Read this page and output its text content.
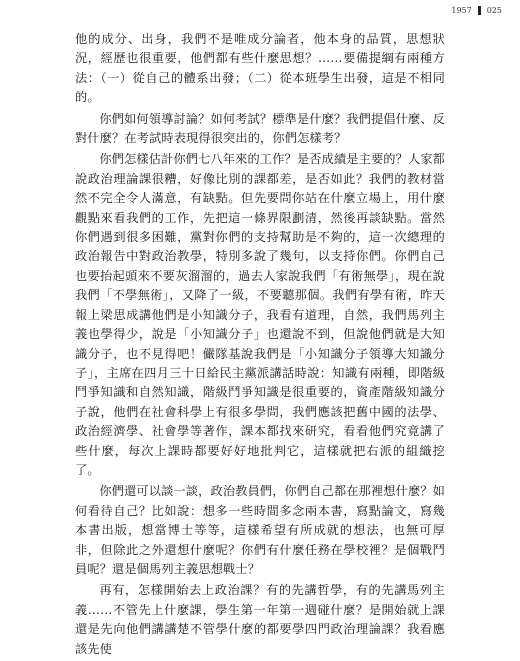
1957 025

他的成分、出身，我們不是唯成分論者，他本身的品質，思想狀況，經歷也很重要，他們都有些什麼思想？……要備提綱有兩種方法：（一）從自己的體系出發；（二）從本班學生出發，這是不相同的。

你們如何領導討論？如何考試？標準是什麼？我們提倡什麼、反對什麼？在考試時表現得很突出的，你們怎樣考？

你們怎樣估計你們七八年來的工作？是否成績是主要的？人家都說政治理論課很糟，好像比別的課都差，是否如此？我們的教材當然不完全令人滿意，有缺點。但先要問你站在什麼立場上，用什麼觀點來看我們的工作，先把這一條界限劃清，然後再談缺點。當然你們遇到很多困難，黨對你們的支持幫助是不夠的，這一次總理的政治報告中對政治教學，特別多說了幾句，以支持你們。你們自己也要抬起頭來不要灰溜溜的，過去人家說我們「有術無學」，現在說我們「不學無術」，又降了一級，不要聽那個。我們有學有術，昨天報上梁思成講他們是小知識分子，我看有道理，自然，我們馬列主義也學得少，說是「小知識分子」也還說不到，但說他們就是大知識分子，也不見得吧！儼隊基說我們是「小知識分子領導大知識分子」，主席在四月三十日給民主黨派講話時說：知識有兩種，即階級鬥爭知識和自然知識，階級鬥爭知識是很重要的，資產階級知識分子說，他們在社會科學上有很多學問，我們應該把舊中國的法學、政治經濟學、社會學等著作，課本都找來研究，看看他們究竟講了些什麼，每次上課時都要好好地批判它，這樣就把右派的組織挖了。

你們還可以談一談，政治教員們，你們自己都在那裡想什麼？如何看待自己？比如說：想多一些時間多念兩本書，寫點論文，寫幾本書出版，想當博士等等，這樣希望有所成就的想法，也無可厚非，但除此之外還想什麼呢？你們有什麼任務在學校裡？是個戰鬥員呢？還是個馬列主義思想戰士？

再有，怎樣開始去上政治課？有的先講哲學，有的先講馬列主義……不管先上什麼課，學生第一年第一週碰什麼？是開始就上課還是先向他們講講楚不管學什麼的都要學四門政治理論課？我看應該先使
